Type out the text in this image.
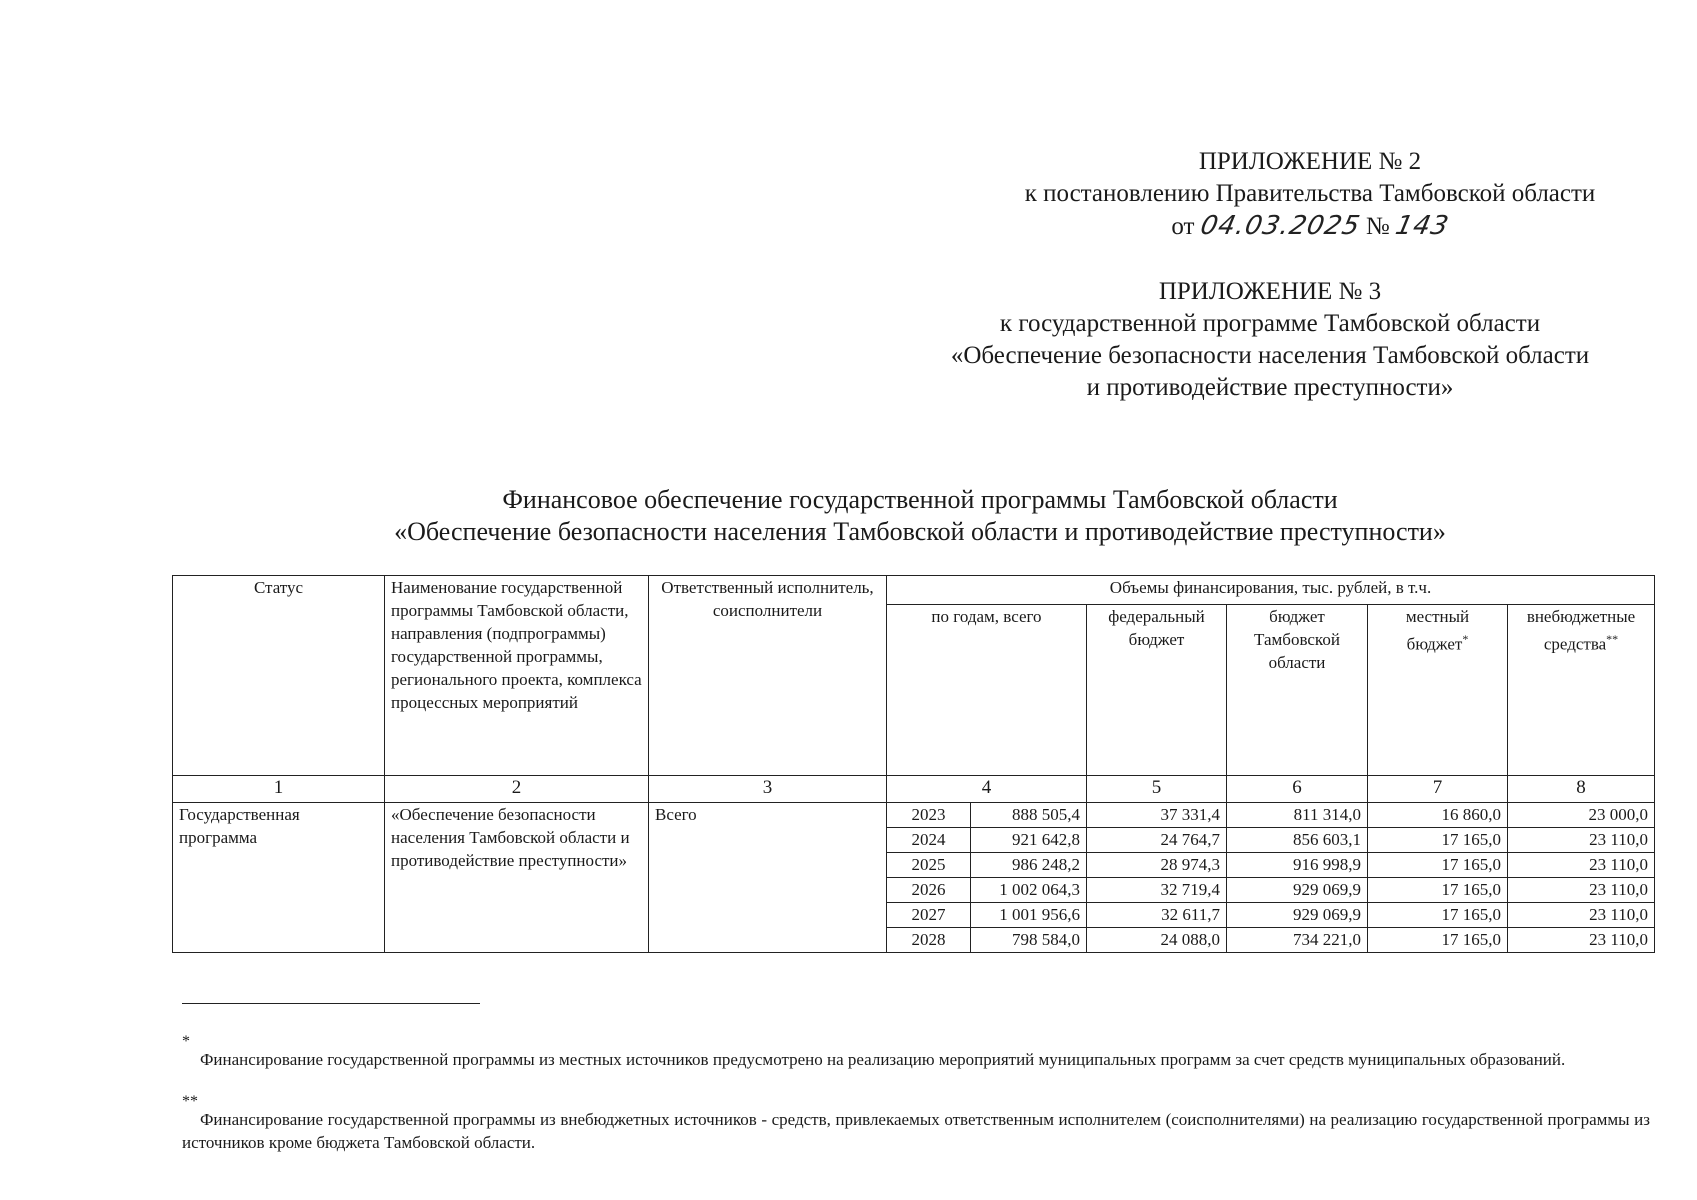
ПРИЛОЖЕНИЕ № 2
к постановлению Правительства Тамбовской области
от 04.03.2025 № 143
ПРИЛОЖЕНИЕ № 3
к государственной программе Тамбовской области
«Обеспечение безопасности населения Тамбовской области
и противодействие преступности»
Финансовое обеспечение государственной программы Тамбовской области
«Обеспечение безопасности населения Тамбовской области и противодействие преступности»
Статус	Наименование государственной программы Тамбовской области, направления (подпрограммы) государственной программы, регионального проекта, комплекса процессных мероприятий	Ответственный исполнитель, соисполнители	Объемы финансирования, тыс. рублей, в т.ч.					
			по годам, всего		федеральный бюджет	бюджет Тамбовской области	местный бюджет*	внебюджетные средства**
1	2	3	4		5	6	7	8
Государственная программа	«Обеспечение безопасности населения Тамбовской области и противодействие преступности»	Всего	2023	888 505,4	37 331,4	811 314,0	16 860,0	23 000,0
			2024	921 642,8	24 764,7	856 603,1	17 165,0	23 110,0
			2025	986 248,2	28 974,3	916 998,9	17 165,0	23 110,0
			2026	1 002 064,3	32 719,4	929 069,9	17 165,0	23 110,0
			2027	1 001 956,6	32 611,7	929 069,9	17 165,0	23 110,0
			2028	798 584,0	24 088,0	734 221,0	17 165,0	23 110,0
*
Финансирование государственной программы из местных источников предусмотрено на реализацию мероприятий муниципальных программ за счет средств муниципальных образований.
**
Финансирование государственной программы из внебюджетных источников - средств, привлекаемых ответственным исполнителем (соисполнителями) на реализацию государственной программы из источников кроме бюджета Тамбовской области.
